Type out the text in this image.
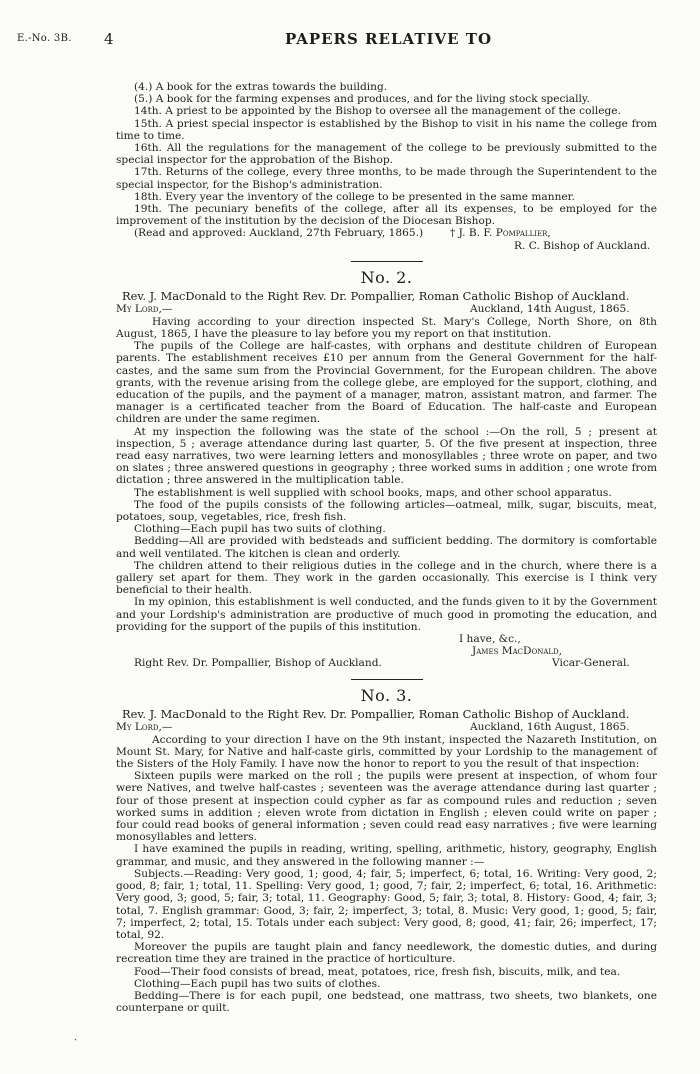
E.-No. 3B. 4	PAPERS RELATIVE TO

(4.) A book for the extras towards the building.

(5.) A book for the farming expenses and produces, and for the living stock specially.

14th. A priest to be appointed by the Bishop to oversee all the management of the college.

15th. A priest special inspector is established by the Bishop to visit in his name the college from time to time.

16th. All the regulations for the management of the college to be previously submitted to the special inspector for the approbation of the Bishop.

17th. Returns of the college, every three months, to be made through the Superintendent to the special inspector, for the Bishop's administration.

18th. Every year the inventory of the college to be presented in the same manner.

19th. The pecuniary benefits of the college, after all its expenses, to be employed for the improvement of the institution by the decision of the Diocesan Bishop.

(Read and approved: Auckland, 27th February, 1865.)	† J. B. F. Pompallier,
R. C. Bishop of Auckland.
No. 2.

Rev. J. MacDonald to the Right Rev. Dr. Pompallier, Roman Catholic Bishop of Auckland.

My Lord,—	Auckland, 14th August, 1865.

Having according to your direction inspected St. Mary's College, North Shore, on 8th August, 1865, I have the pleasure to lay before you my report on that institution.

The pupils of the College are half-castes, with orphans and destitute children of European parents. The establishment receives £10 per annum from the General Government for the half-castes, and the same sum from the Provincial Government, for the European children. The above grants, with the revenue arising from the college glebe, are employed for the support, clothing, and education of the pupils, and the payment of a manager, matron, assistant matron, and farmer. The manager is a certificated teacher from the Board of Education. The half-caste and European children are under the same regimen.

At my inspection the following was the state of the school :—On the roll, 5 ; present at inspection, 5 ; average attendance during last quarter, 5. Of the five present at inspection, three read easy narratives, two were learning letters and monosyllables ; three wrote on paper, and two on slates ; three answered questions in geography ; three worked sums in addition ; one wrote from dictation ; three answered in the multiplication table.

The establishment is well supplied with school books, maps, and other school apparatus.

The food of the pupils consists of the following articles—oatmeal, milk, sugar, biscuits, meat, potatoes, soup, vegetables, rice, fresh fish.

Clothing—Each pupil has two suits of clothing.

Bedding—All are provided with bedsteads and sufficient bedding. The dormitory is comfortable and well ventilated. The kitchen is clean and orderly.

The children attend to their religious duties in the college and in the church, where there is a gallery set apart for them. They work in the garden occasionally. This exercise is I think very beneficial to their health.

In my opinion, this establishment is well conducted, and the funds given to it by the Government and your Lordship's administration are productive of much good in promoting the education, and providing for the support of the pupils of this institution.

I have, &c.,
James MacDonald,
Right Rev. Dr. Pompallier, Bishop of Auckland.	Vicar-General.
No. 3.

Rev. J. MacDonald to the Right Rev. Dr. Pompallier, Roman Catholic Bishop of Auckland.

My Lord,—	Auckland, 16th August, 1865.

According to your direction I have on the 9th instant, inspected the Nazareth Institution, on Mount St. Mary, for Native and half-caste girls, committed by your Lordship to the management of the Sisters of the Holy Family. I have now the honor to report to you the result of that inspection:

Sixteen pupils were marked on the roll ; the pupils were present at inspection, of whom four were Natives, and twelve half-castes ; seventeen was the average attendance during last quarter ; four of those present at inspection could cypher as far as compound rules and reduction ; seven worked sums in addition ; eleven wrote from dictation in English ; eleven could write on paper ; four could read books of general information ; seven could read easy narratives ; five were learning monosyllables and letters.

I have examined the pupils in reading, writing, spelling, arithmetic, history, geography, English grammar, and music, and they answered in the following manner :—

Subjects.—Reading: Very good, 1; good, 4; fair, 5; imperfect, 6; total, 16. Writing: Very good, 2; good, 8; fair, 1; total, 11. Spelling: Very good, 1; good, 7; fair, 2; imperfect, 6; total, 16. Arithmetic: Very good, 3; good, 5; fair, 3; total, 11. Geography: Good, 5; fair, 3; total, 8. History: Good, 4; fair, 3; total, 7. English grammar: Good, 3; fair, 2; imperfect, 3; total, 8. Music: Very good, 1; good, 5; fair, 7; imperfect, 2; total, 15. Totals under each subject: Very good, 8; good, 41; fair, 26; imperfect, 17; total, 92.

Moreover the pupils are taught plain and fancy needlework, the domestic duties, and during recreation time they are trained in the practice of horticulture.

Food—Their food consists of bread, meat, potatoes, rice, fresh fish, biscuits, milk, and tea.

Clothing—Each pupil has two suits of clothes.

Bedding—There is for each pupil, one bedstead, one mattrass, two sheets, two blankets, one counterpane or quilt.

ˏ
